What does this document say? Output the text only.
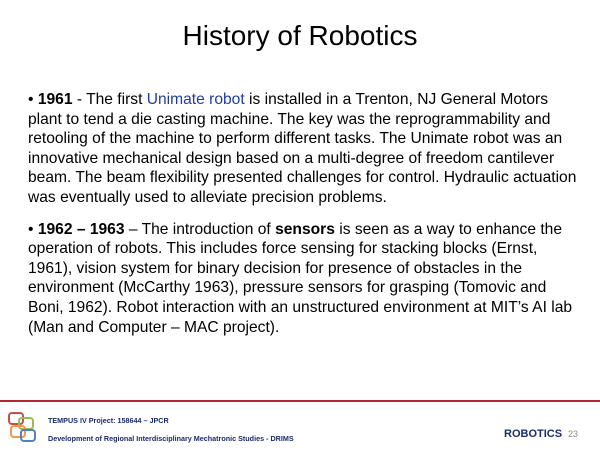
History of Robotics

• 1961 - The first Unimate robot is installed in a Trenton, NJ General Motors plant to tend a die casting machine. The key was the reprogrammability and retooling of the machine to perform different tasks. The Unimate robot was an innovative mechanical design based on a multi-degree of freedom cantilever beam. The beam flexibility presented challenges for control. Hydraulic actuation was eventually used to alleviate precision problems.

• 1962 – 1963 – The introduction of sensors is seen as a way to enhance the operation of robots. This includes force sensing for stacking blocks (Ernst, 1961), vision system for binary decision for presence of obstacles in the environment (McCarthy 1963), pressure sensors for grasping (Tomovic and Boni, 1962). Robot interaction with an unstructured environment at MIT’s AI lab (Man and Computer – MAC project).

TEMPUS IV Project: 158644 – JPCR
Development of Regional Interdisciplinary Mechatronic Studies - DRIMS	ROBOTICS 23
